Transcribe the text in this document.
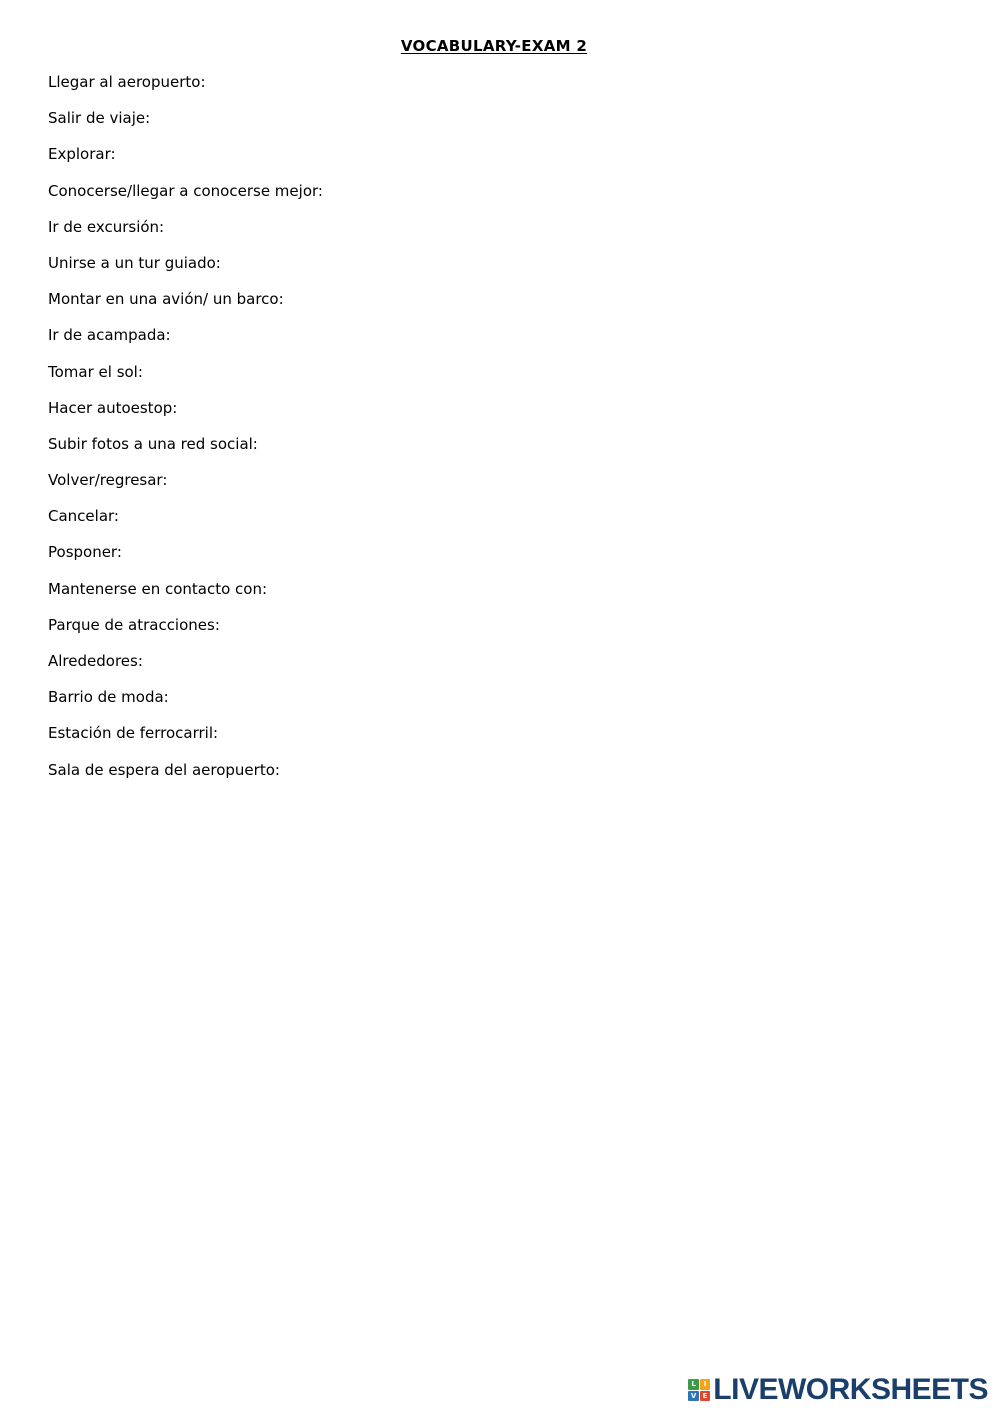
VOCABULARY-EXAM 2
Llegar al aeropuerto:
Salir de viaje:
Explorar:
Conocerse/llegar a conocerse mejor:
Ir de excursión:
Unirse a un tur guiado:
Montar en una avión/ un barco:
Ir de acampada:
Tomar el sol:
Hacer autoestop:
Subir fotos a una red social:
Volver/regresar:
Cancelar:
Posponer:
Mantenerse en contacto con:
Parque de atracciones:
Alrededores:
Barrio de moda:
Estación de ferrocarril:
Sala de espera del aeropuerto:
L	I
V E LIVEWORKSHEETS
